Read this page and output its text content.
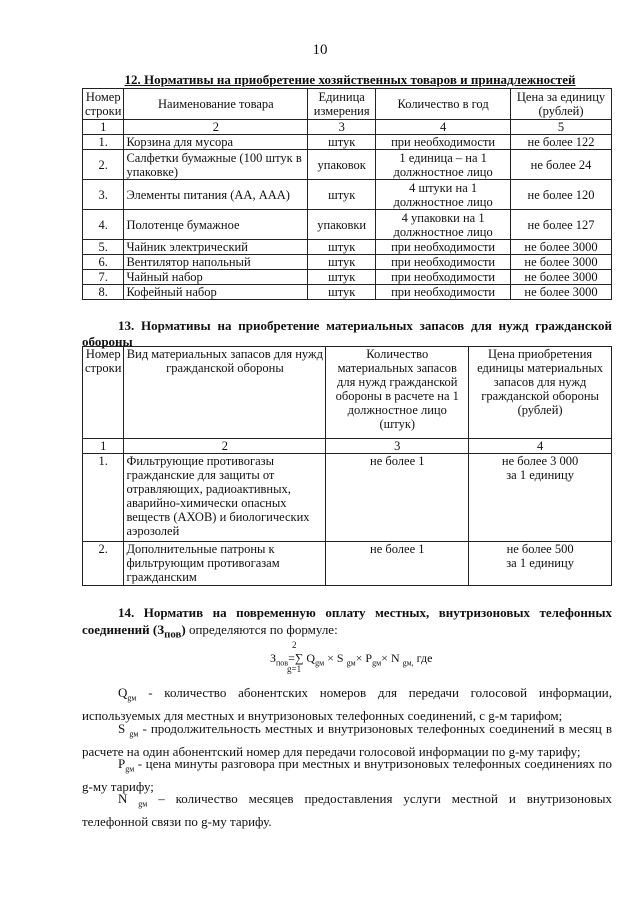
10
12. Нормативы на приобретение хозяйственных товаров и принадлежностей
Номер строки	Наименование товара	Единица измерения	Количество в год	Цена за единицу (рублей)
1	2	3	4	5
1.	Корзина для мусора	штук	при необходимости	не более 122
2.	Салфетки бумажные (100 штук в упаковке)	упаковок	1 единица – на 1 должностное лицо	не более 24
3.	Элементы питания (АА, ААА)	штук	4 штуки на 1 должностное лицо	не более 120
4.	Полотенце бумажное	упаковки	4 упаковки на 1 должностное лицо	не более 127
5.	Чайник электрический	штук	при необходимости	не более 3000
6.	Вентилятор напольный	штук	при необходимости	не более 3000
7.	Чайный набор	штук	при необходимости	не более 3000
8.	Кофейный набор	штук	при необходимости	не более 3000
13. Нормативы на приобретение материальных запасов для нужд гражданской обороны
Номер строки	Вид материальных запасов для нужд гражданской обороны	Количество материальных запасов для нужд гражданской обороны в расчете на 1 должностное лицо (штук)	Цена приобретения единицы материальных запасов для нужд гражданской обороны (рублей)
1	2	3	4
1.	Фильтрующие противогазы гражданские для защиты от отравляющих, радиоактивных, аварийно-химически опасных веществ (АХОВ) и биологических аэрозолей	не более 1	не более 3 000
за 1 единицу

2.	Дополнительные патроны к фильтрующим противогазам гражданским	не более 1	не более 500
за 1 единицу
14. Норматив на повременную оплату местных, внутризоновых телефонных соединений $(З_{пов})$ определяются по формуле:
2
$З_{пов}=\sum$ $Q_{gм} \times S$ $_{gм}\times P_{gм}\times N$ $_{gм,}$ где
g=1
$Q_{gм}$ - количество абонентских номеров для передачи голосовой информации, используемых для местных и внутризоновых телефонных соединений, с g-м тарифом;
S $_{gм}$ - продолжительность местных и внутризоновых телефонных соединений в месяц в расчете на один абонентский номер для передачи голосовой информации по g-му тарифу;
$P_{gм}$ - цена минуты разговора при местных и внутризоновых телефонных соединениях по g-му тарифу;
N $_{gм}$ – количество месяцев предоставления услуги местной и внутризоновых телефонной связи по g-му тарифу.
